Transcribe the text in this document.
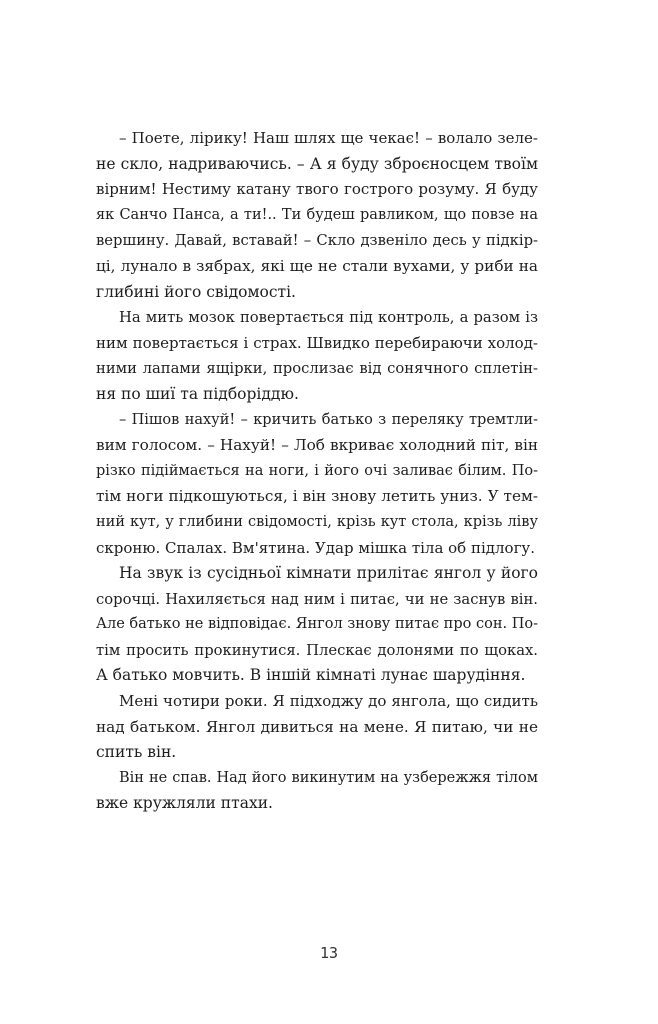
– Поете, лірику! Наш шлях ще чекає! – волало зеле-
не скло, надриваючись. – А я буду зброєносцем твоїм
вірним! Нестиму катану твого гострого розуму. Я буду
як Санчо Панса, а ти!.. Ти будеш равликом, що повзе на
вершину. Давай, вставай! – Скло дзвеніло десь у підкір-
ці, лунало в зябрах, які ще не стали вухами, у риби на
глибині його свідомості.

На мить мозок повертається під контроль, а разом із
ним повертається і страх. Швидко перебираючи холод-
ними лапами ящірки, прослизає від сонячного сплетін-
ня по шиї та підборіддю.

– Пішов нахуй! – кричить батько з переляку тремтли-
вим голосом. – Нахуй! – Лоб вкриває холодний піт, він
різко підіймається на ноги, і його очі заливає білим. По-
тім ноги підкошуються, і він знову летить униз. У тем-
ний кут, у глибини свідомості, крізь кут стола, крізь ліву
скроню. Спалах. Вм'ятина. Удар мішка тіла об підлогу.

На звук із сусідньої кімнати прилітає янгол у його
сорочці. Нахиляється над ним і питає, чи не заснув він.
Але батько не відповідає. Янгол знову питає про сон. По-
тім просить прокинутися. Плескає долонями по щоках.
А батько мовчить. В іншій кімнаті лунає шарудіння.

Мені чотири роки. Я підходжу до янгола, що сидить
над батьком. Янгол дивиться на мене. Я питаю, чи не
спить він.

Він не спав. Над його викинутим на узбережжя тілом
вже кружляли птахи.

13
